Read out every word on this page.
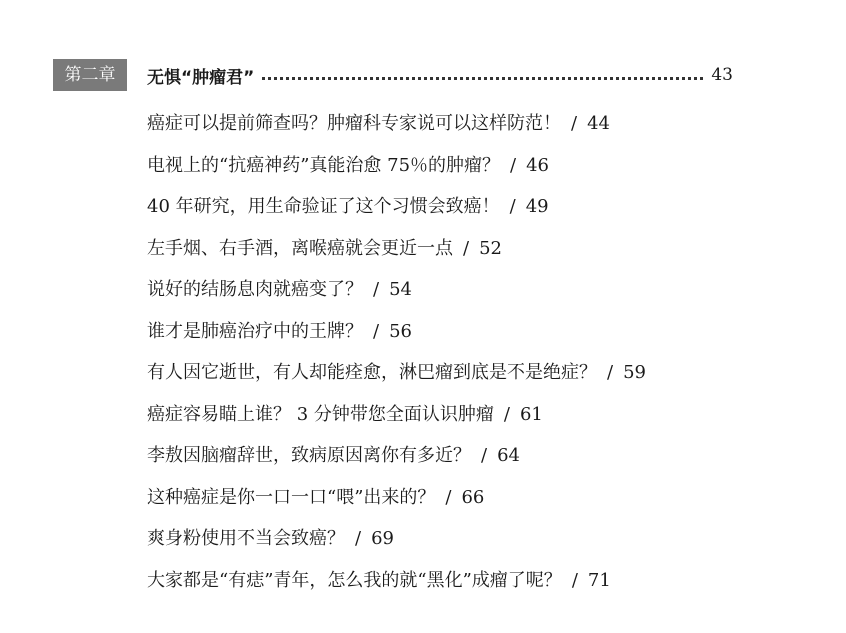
第二章	无惧“肿瘤君”	43
癌症可以提前筛查吗？肿瘤科专家说可以这样防范！ / 44
电视上的“抗癌神药”真能治愈 75％的肿瘤？ / 46
40 年研究，用生命验证了这个习惯会致癌！ / 49
左手烟、右手酒，离喉癌就会更近一点 / 52
说好的结肠息肉就癌变了？ / 54
谁才是肺癌治疗中的王牌？ / 56
有人因它逝世，有人却能痊愈，淋巴瘤到底是不是绝症？ / 59
癌症容易瞄上谁？ 3 分钟带您全面认识肿瘤 / 61
李敖因脑瘤辞世，致病原因离你有多近？ / 64
这种癌症是你一口一口“喂”出来的？ / 66
爽身粉使用不当会致癌？ / 69
大家都是“有痣”青年，怎么我的就“黑化”成瘤了呢？ / 71
